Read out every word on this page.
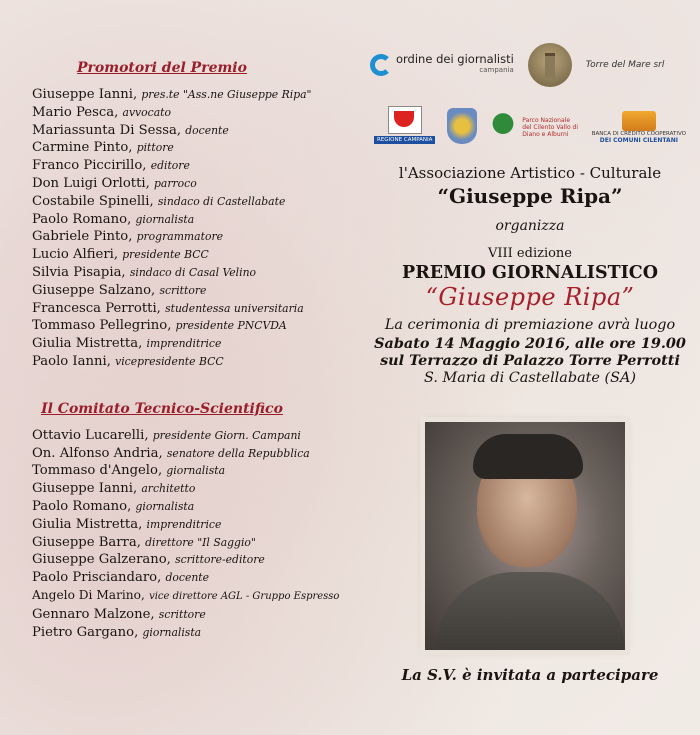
Promotori del Premio
Giuseppe Ianni, pres.te "Ass.ne Giuseppe Ripa"
Mario Pesca, avvocato
Mariassunta Di Sessa, docente
Carmine Pinto, pittore
Franco Piccirillo, editore
Don Luigi Orlotti, parroco
Costabile Spinelli, sindaco di Castellabate
Paolo Romano, giornalista
Gabriele Pinto, programmatore
Lucio Alfieri, presidente BCC
Silvia Pisapia, sindaco di Casal Velino
Giuseppe Salzano, scrittore
Francesca Perrotti, studentessa universitaria
Tommaso Pellegrino, presidente PNCVDA
Giulia Mistretta, imprenditrice
Paolo Ianni, vicepresidente BCC
Il Comitato Tecnico-Scientifico
Ottavio Lucarelli, presidente Giorn. Campani
On. Alfonso Andria, senatore della Repubblica
Tommaso d'Angelo, giornalista
Giuseppe Ianni, architetto
Paolo Romano, giornalista
Giulia Mistretta, imprenditrice
Giuseppe Barra, direttore "Il Saggio"
Giuseppe Galzerano, scrittore-editore
Paolo Prisciandaro, docente
Angelo Di Marino, vice direttore AGL - Gruppo Espresso
Gennaro Malzone, scrittore
Pietro Gargano, giornalista
ordine dei giornalisti
campania	Torre del Mare srl
REGIONE CAMPANIA
Parco Nazionale del Cilento Vallo di Diano e Alburni	BANCA DI CREDITO COOPERATIVO
DEI COMUNI CILENTANI
l'Associazione Artistico - Culturale
“Giuseppe Ripa”
organizza
VIII edizione
PREMIO GIORNALISTICO
“Giuseppe Ripa”
La cerimonia di premiazione avrà luogo
Sabato 14 Maggio 2016, alle ore 19.00
sul Terrazzo di Palazzo Torre Perrotti
S. Maria di Castellabate (SA)
La S.V. è invitata a partecipare
